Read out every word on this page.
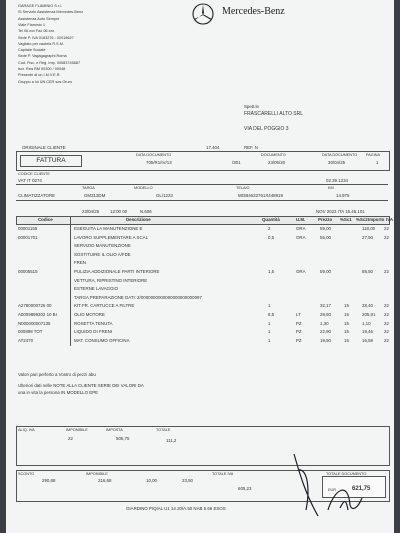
GARAGE FLAMINIO S.r.l.
Sì Servizio Assistenza Mercedes-Benz
Assistenza Auto Sempre
Viale Flaminio 1
Tel 06.xxx Fax 06.xxx
Sede P. IVA 0183276 - 02018627
Vagliato per cautela R.S.M.
Capitale Sociale
Sede P. Vagagagraphi Roma
Cod. Fisc. e Reg. Imp. 00583745687
Iscr. Rea RM 00300 / 00048
Presente di un I.M.V.E.R.
Gruppo a lui UN.CER sos.Orum
Mercedes-Benz
Spett.le
FRASCARELLI ALTO SRL
VIA DEL POGGIO 3
ORIGINALE CLIENTE	17.404	REF. N
FATTURA
DATA DOCUMENTO	DOCUMENTO	DATA DOCUMENTO PAGINA
705/R1/IV/13	/301	23/05/20	30/04/25	1
CODICE CLIENTE
VAT IT 0274	02.39.1234
14.975
TARGA	MODELLO	TELAIO	KM
CLIMATIZZATORE	GM313DM	GL/1223	WDB4632761X448919
23/04/25 12:00 00	N.606	NOV 2023 ITA 15.45.101
Codice	Descrizione	Quantità	U.M.	Prezzo %Sc1 %Sc2 Importo IVA
00001155	ESEGUITA LA MANUTENZIONE E	2	ORA	59,00	118,00 22
00001701	LAVORO SUPPLEMENTARE A SCAL	0,5	ORA	55,00	27,50	22
SERVIZIO MANUTENZIONE
SOSTITUIRE IL OLIO A/FDE
FREN
00005515	PULIZIA ADDIZIONALE PARTI INTERIORE	1,5	ORA	59,00	88,50	22
VETTURA, RIPRISTINO INTERIORE
ESTERNE LAVAGGIO
TARGA PREPARAZIONE DATI: 2/0000000000000000000000097
A2780000726 00	KIT FR. CARTUCCE A FILTRE	1	32,17	15	28,40	22
A0009899302 10 BI	OLIO MOTORE	8,5	LT	28,50	15	205,91 22
N000000007135	ROSETTA TENUTA	1	PZ	1,30	15	1,10	22
000898 TOT	LIQUIDO DI FRENI	1	PZ	22,90	15	19,46	22
AT2470	MAT. CONSUMO OFFICINA	1	PZ	19,50	15	16,58	22
Valori pari perferto a Vostro di pezzi abu
Ulteriori dati nelle NOTE ALLA CLIENTE SERIE DEI VALORI DA
una in vita la persona IN MODELLO EPE
ALIQ. IVA	IMPONIBILE	IMPOSTA	TOTALE
22	505,75	111,2
SCONTO	IMPONIBILE	TOTALE IVA	TOTALE DOCUMENTO
290,88	216,68	10,00	23,50
605,23	621,75
EUR
GIARDINO PIQIAL U1 14.20/A.50 NAB 5.66 ESOS
